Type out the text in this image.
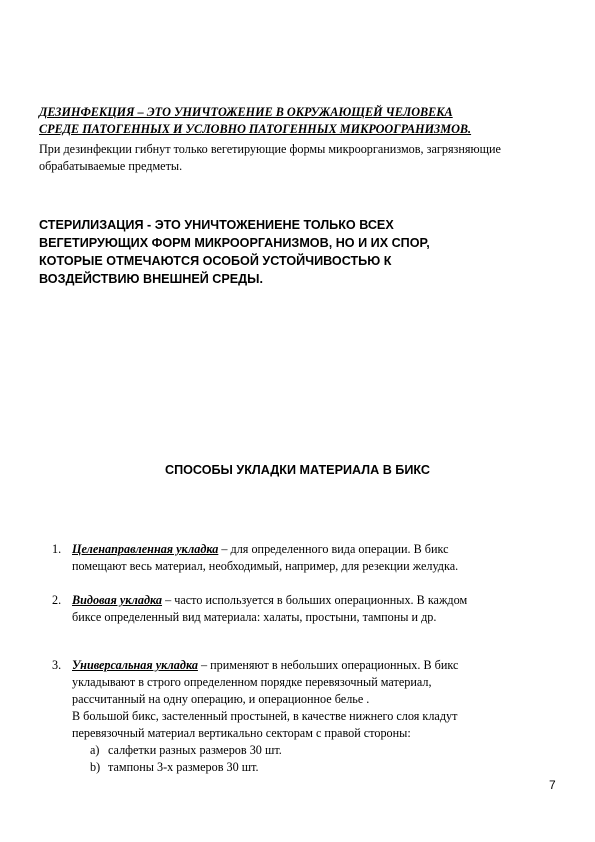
ДЕЗИНФЕКЦИЯ – ЭТО УНИЧТОЖЕНИЕ В ОКРУЖАЮЩЕЙ ЧЕЛОВЕКА
СРЕДЕ ПАТОГЕННЫХ И УСЛОВНО ПАТОГЕННЫХ МИКРООГРАНИЗМОВ.
При дезинфекции гибнут только вегетирующие формы микроорганизмов, загрязняющие
обрабатываемые предметы.
СТЕРИЛИЗАЦИЯ - ЭТО УНИЧТОЖЕНИЕНЕ ТОЛЬКО ВСЕХ
ВЕГЕТИРУЮЩИХ ФОРМ МИКРООРГАНИЗМОВ, НО И ИХ СПОР,
КОТОРЫЕ ОТМЕЧАЮТСЯ ОСОБОЙ УСТОЙЧИВОСТЬЮ К
ВОЗДЕЙСТВИЮ ВНЕШНЕЙ СРЕДЫ.
СПОСОБЫ УКЛАДКИ МАТЕРИАЛА В БИКС
1. Целенаправленная укладка – для определенного вида операции. В бикс
помещают весь материал, необходимый, например, для резекции желудка.
2. Видовая укладка – часто используется в больших операционных. В каждом
биксе определенный вид материала: халаты, простыни, тампоны и др.
3. Универсальная укладка – применяют в небольших операционных. В бикс
укладывают в строго определенном порядке перевязочный материал,
рассчитанный на одну операцию, и операционное белье .
В большой бикс, застеленный простыней, в качестве нижнего слоя кладут
перевязочный материал вертикально секторам с правой стороны:
a) салфетки разных размеров 30 шт.
b) тампоны 3-х размеров 30 шт.
7
